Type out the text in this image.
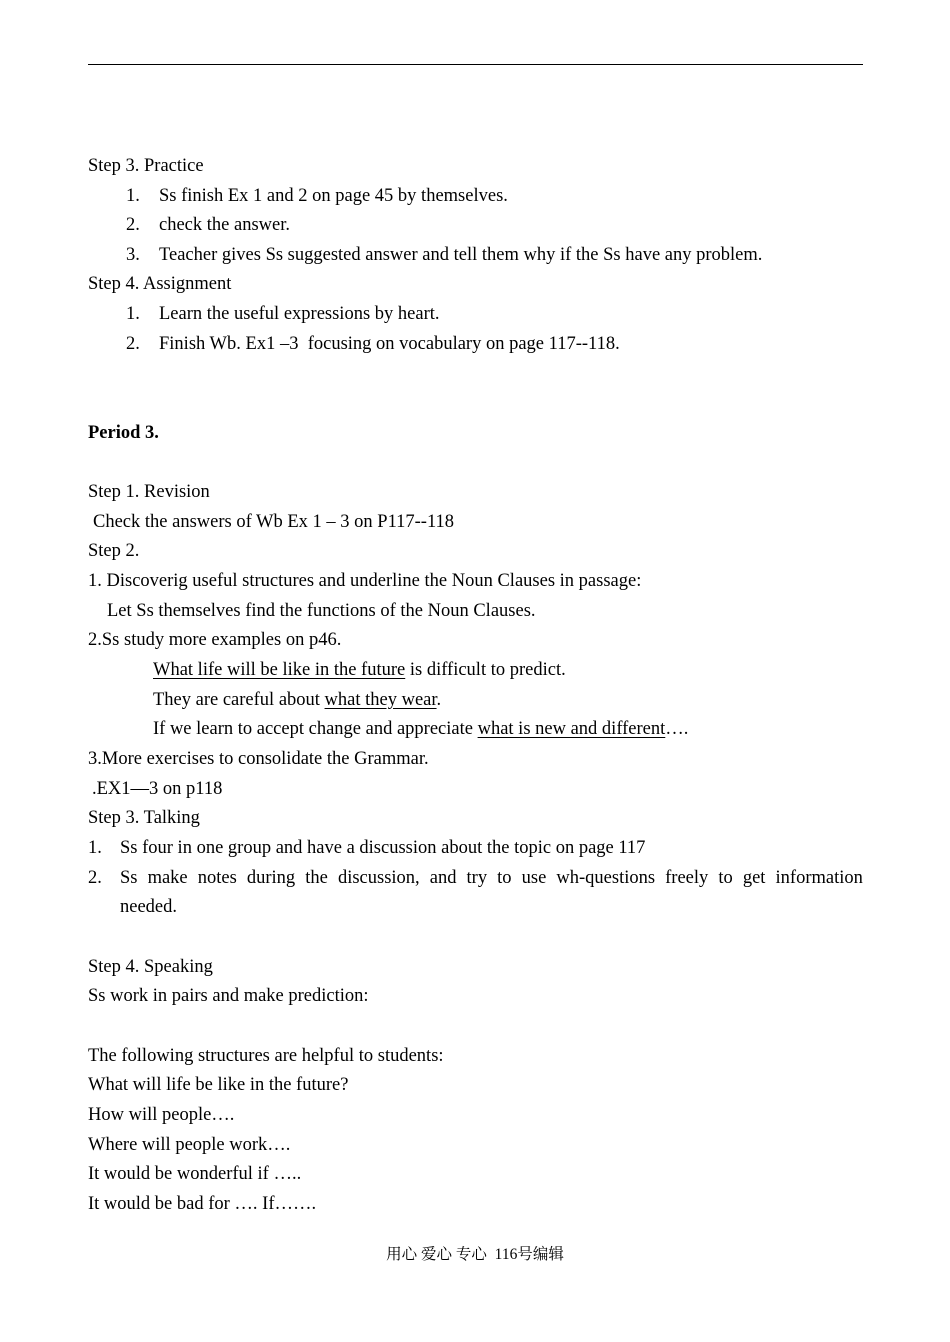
Step 3. Practice
1. Ss finish Ex 1 and 2 on page 45 by themselves.
2. check the answer.
3. Teacher gives Ss suggested answer and tell them why if the Ss have any problem.
Step 4. Assignment
1. Learn the useful expressions by heart.
2. Finish Wb. Ex1 –3  focusing on vocabulary on page 117--118.
Period 3.
Step 1. Revision
Check the answers of Wb Ex 1 – 3 on P117--118
Step 2.
1. Discoverig useful structures and underline the Noun Clauses in passage:
Let Ss themselves find the functions of the Noun Clauses.
2.Ss study more examples on p46.
What life will be like in the future is difficult to predict.
They are careful about what they wear.
If we learn to accept change and appreciate what is new and different….
3.More exercises to consolidate the Grammar.
.EX1—3 on p118
Step 3. Talking
1. Ss four in one group and have a discussion about the topic on page 117
2. Ss make notes during the discussion, and try to use wh-questions freely to get information
needed.
Step 4. Speaking
Ss work in pairs and make prediction:
The following structures are helpful to students:
What will life be like in the future?
How will people….
Where will people work….
It would be wonderful if …..
It would be bad for …. If…….
用心 爱心 专心  116号编辑
